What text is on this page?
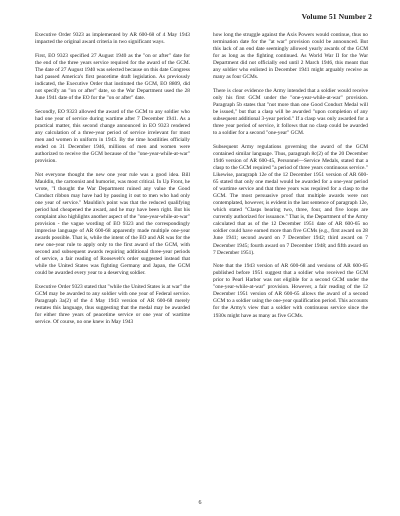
Volume 51 Number 2

Executive Order 9323 as implemented by AR 600-68 of 4 May 1943 impacted the original award criteria in two significant ways.

First, EO 9323 specified 27 August 1940 as the "on or after" date for the end of the three years service required for the award of the GCM. The date of 27 August 1940 was selected because on this date Congress had passed America's first peacetime draft legislation. As previously indicated, the Executive Order that instituted the GCM, EO 8809, did not specify an "on or after" date, so the War Department used the 28 June 1941 date of the EO for the "on or after" date.

Secondly, EO 9323 allowed the award of the GCM to any soldier who had one year of service during wartime after 7 December 1941. As a practical matter, this second change announced in EO 9323 rendered any calculation of a three-year period of service irrelevant for most men and women in uniform in 1943. By the time hostilities officially ended on 31 December 1946, millions of men and women were authorized to receive the GCM because of the "one-year-while-at-war" provision.

Not everyone thought the new one year rule was a good idea. Bill Mauldin, the cartoonist and humorist, was most critical. In Up Front, he wrote, "I thought the War Department ruined any value the Good Conduct ribbon may have had by passing it out to men who had only one year of service." Mauldin's point was that the reduced qualifying period had cheapened the award, and he may have been right. But his complaint also highlights another aspect of the "one-year-while-at-war" provision - the vague wording of EO 9323 and the correspondingly imprecise language of AR 600-68 apparently made multiple one-year awards possible. That is, while the intent of the EO and AR was for the new one-year rule to apply only to the first award of the GCM, with second and subsequent awards requiring additional three-year periods of service, a fair reading of Roosevelt's order suggested instead that while the United States was fighting Germany and Japan, the GCM could be awarded every year to a deserving soldier.

Executive Order 9323 stated that "while the United States is at war" the GCM may be awarded to any soldier with one year of Federal service. Paragraph 3a(2) of the 4 May 1943 version of AR 600-68 merely restates this language, thus suggesting that the medal may be awarded for either three years of peacetime service or one year of wartime service. Of course, no one knew in May 1943

how long the struggle against the Axis Powers would continue, thus no termination date for the "at war" provision could be announced. But this lack of an end date seemingly allowed yearly awards of the GCM for as long as the fighting continued. As World War II for the War Department did not officially end until 2 March 1946, this meant that any soldier who enlisted in December 1941 might arguably receive as many as four GCMs.

There is clear evidence the Army intended that a soldier would receive only his first GCM under the "one-year-while-at-war" provision. Paragraph 5b states that "not more than one Good Conduct Medal will be issued," but that a clasp will be awarded "upon completion of any subsequent additional 3-year period." If a clasp was only awarded for a three year period of service, it follows that no clasp could be awarded to a soldier for a second "one-year" GCM.

Subsequent Army regulations governing the award of the GCM contained similar language. Thus, paragraph 8c(2) of the 20 December 1946 version of AR 600-45, Personnel—Service Medals, stated that a clasp to the GCM required "a period of three years continuous service." Likewise, paragraph 12e of the 12 December 1951 version of AR 600-65 stated that only one medal would be awarded for a one-year period of wartime service and that three years was required for a clasp to the GCM. The most persuasive proof that multiple awards were not contemplated, however, is evident in the last sentence of paragraph 12e, which stated "Clasps bearing two, three, four, and five loops are currently authorized for issuance." That is, the Department of the Army calculated that as of the 12 December 1951 date of AR 600-65 no soldier could have earned more than five GCMs (e.g., first award on 28 June 1941; second award on 7 December 1942; third award on 7 December 1945; fourth award on 7 December 1948; and fifth award on 7 December 1951).

Note that the 1943 version of AR 600-68 and versions of AR 600-65 published before 1951 suggest that a soldier who received the GCM prior to Pearl Harbor was not eligible for a second GCM under the "one-year-while-at-war" provision. However, a fair reading of the 12 December 1951 version of AR 600-65 allows the award of a second GCM to a soldier using the one-year qualification period. This accounts for the Army's view that a soldier with continuous service since the 1930s might have as many as five GCMs.

6
